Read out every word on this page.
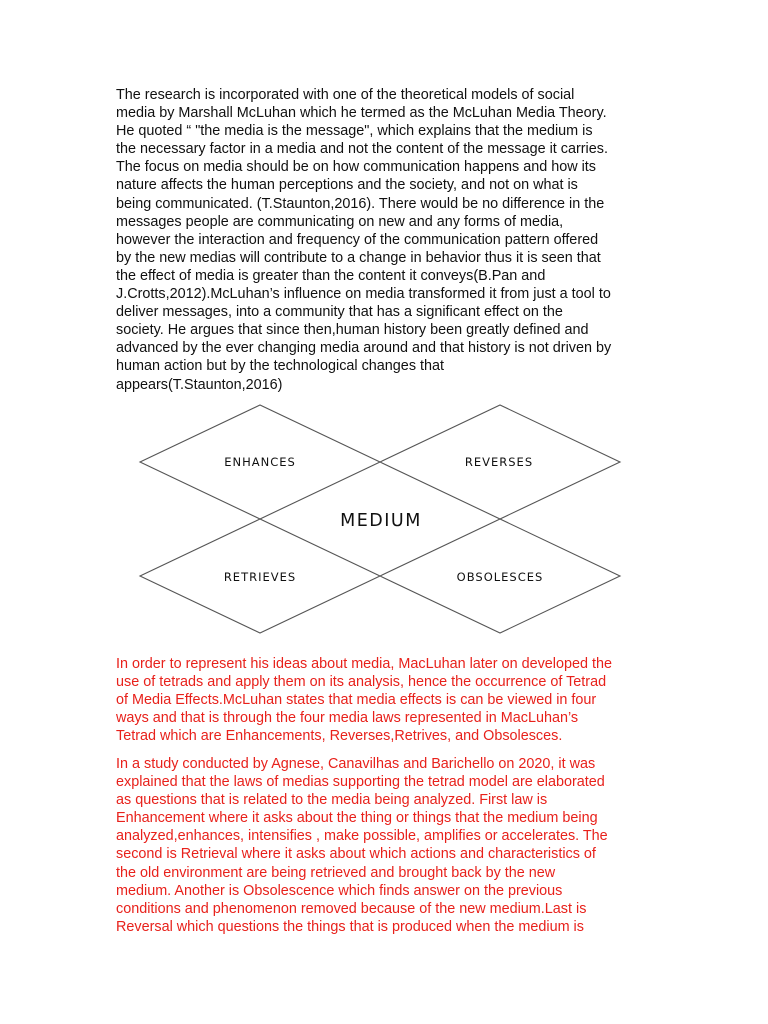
The research is incorporated with one of the theoretical models of social
media by Marshall McLuhan which he termed as the McLuhan Media Theory.
He quoted “ "the media is the message", which explains that the medium is
the necessary factor in a media and not the content of the message it carries.
The focus on media should be on how communication happens and how its
nature affects the human perceptions and the society, and not on what is
being communicated. (T.Staunton,2016). There would be no difference in the
messages people are communicating on new and any forms of media,
however the interaction and frequency of the communication pattern offered
by the new medias will contribute to a change in behavior thus it is seen that
the effect of media is greater than the content it conveys(B.Pan and
J.Crotts,2012).McLuhan’s influence on media transformed it from just a tool to
deliver messages, into a community that has a significant effect on the
society. He argues that since then,human history been greatly defined and
advanced by the ever changing media around and that history is not driven by
human action but by the technological changes that
appears(T.Staunton,2016)
ENHANCES	REVERSES
MEDIUM
RETRIEVES	OBSOLESCES
In order to represent his ideas about media, MacLuhan later on developed the
use of tetrads and apply them on its analysis, hence the occurrence of Tetrad
of Media Effects.McLuhan states that media effects is can be viewed in four
ways and that is through the four media laws represented in MacLuhan’s
Tetrad which are Enhancements, Reverses,Retrives, and Obsolesces.
In a study conducted by Agnese, Canavilhas and Barichello on 2020, it was
explained that the laws of medias supporting the tetrad model are elaborated
as questions that is related to the media being analyzed. First law is
Enhancement where it asks about the thing or things that the medium being
analyzed,enhances, intensifies , make possible, amplifies or accelerates. The
second is Retrieval where it asks about which actions and characteristics of
the old environment are being retrieved and brought back by the new
medium. Another is Obsolescence which finds answer on the previous
conditions and phenomenon removed because of the new medium.Last is
Reversal which questions the things that is produced when the medium is
